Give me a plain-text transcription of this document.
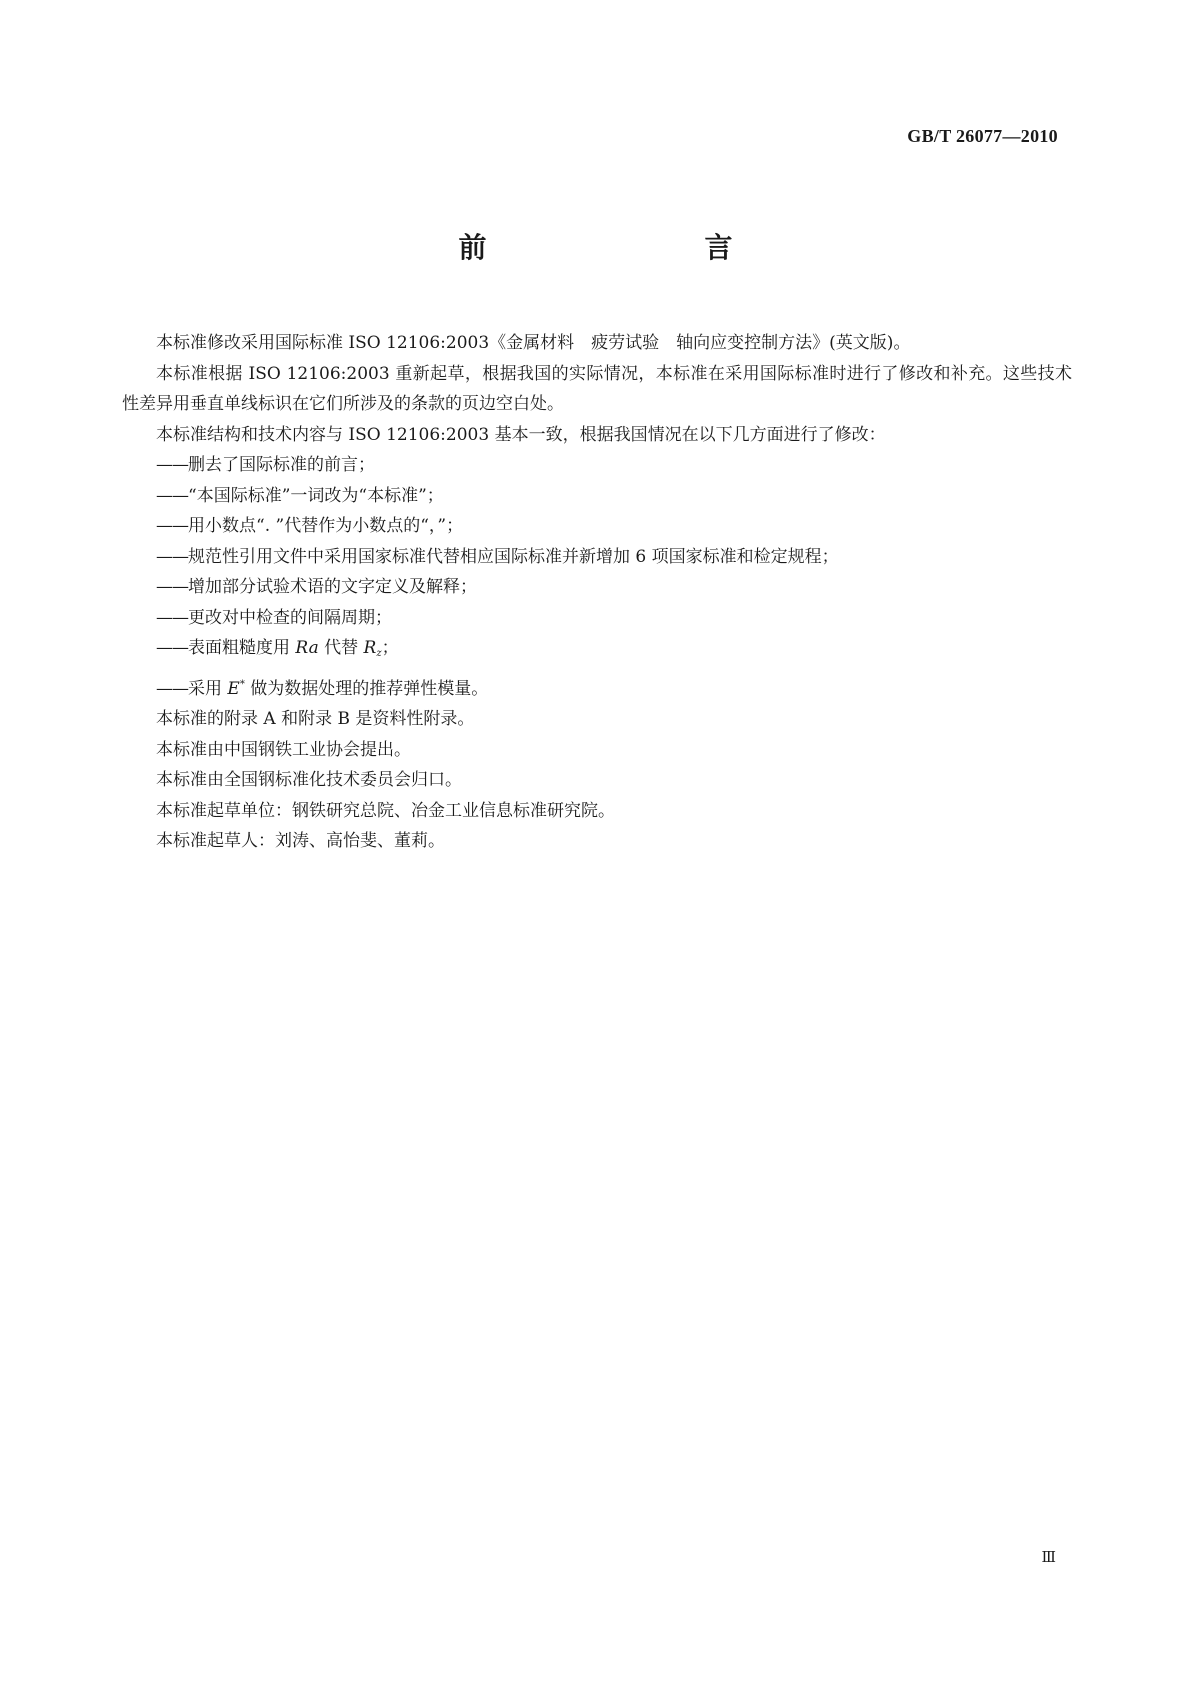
GB/T 26077—2010
前　　言

本标准修改采用国际标准 ISO 12106:2003《金属材料　疲劳试验　轴向应变控制方法》(英文版)。

本标准根据 ISO 12106:2003 重新起草，根据我国的实际情况，本标准在采用国际标准时进行了修改和补充。这些技术性差异用垂直单线标识在它们所涉及的条款的页边空白处。

本标准结构和技术内容与 ISO 12106:2003 基本一致，根据我国情况在以下几方面进行了修改：

——删去了国际标准的前言；

——“本国际标准”一词改为“本标准”；

——用小数点“. ”代替作为小数点的“，”；

——规范性引用文件中采用国家标准代替相应国际标准并新增加 6 项国家标准和检定规程；

——增加部分试验术语的文字定义及解释；

——更改对中检查的间隔周期；

——表面粗糙度用 Ra 代替 $R_z$；

——采用 E* 做为数据处理的推荐弹性模量。

本标准的附录 A 和附录 B 是资料性附录。

本标准由中国钢铁工业协会提出。

本标准由全国钢标准化技术委员会归口。

本标准起草单位：钢铁研究总院、冶金工业信息标准研究院。

本标准起草人：刘涛、高怡斐、董莉。

Ⅲ
